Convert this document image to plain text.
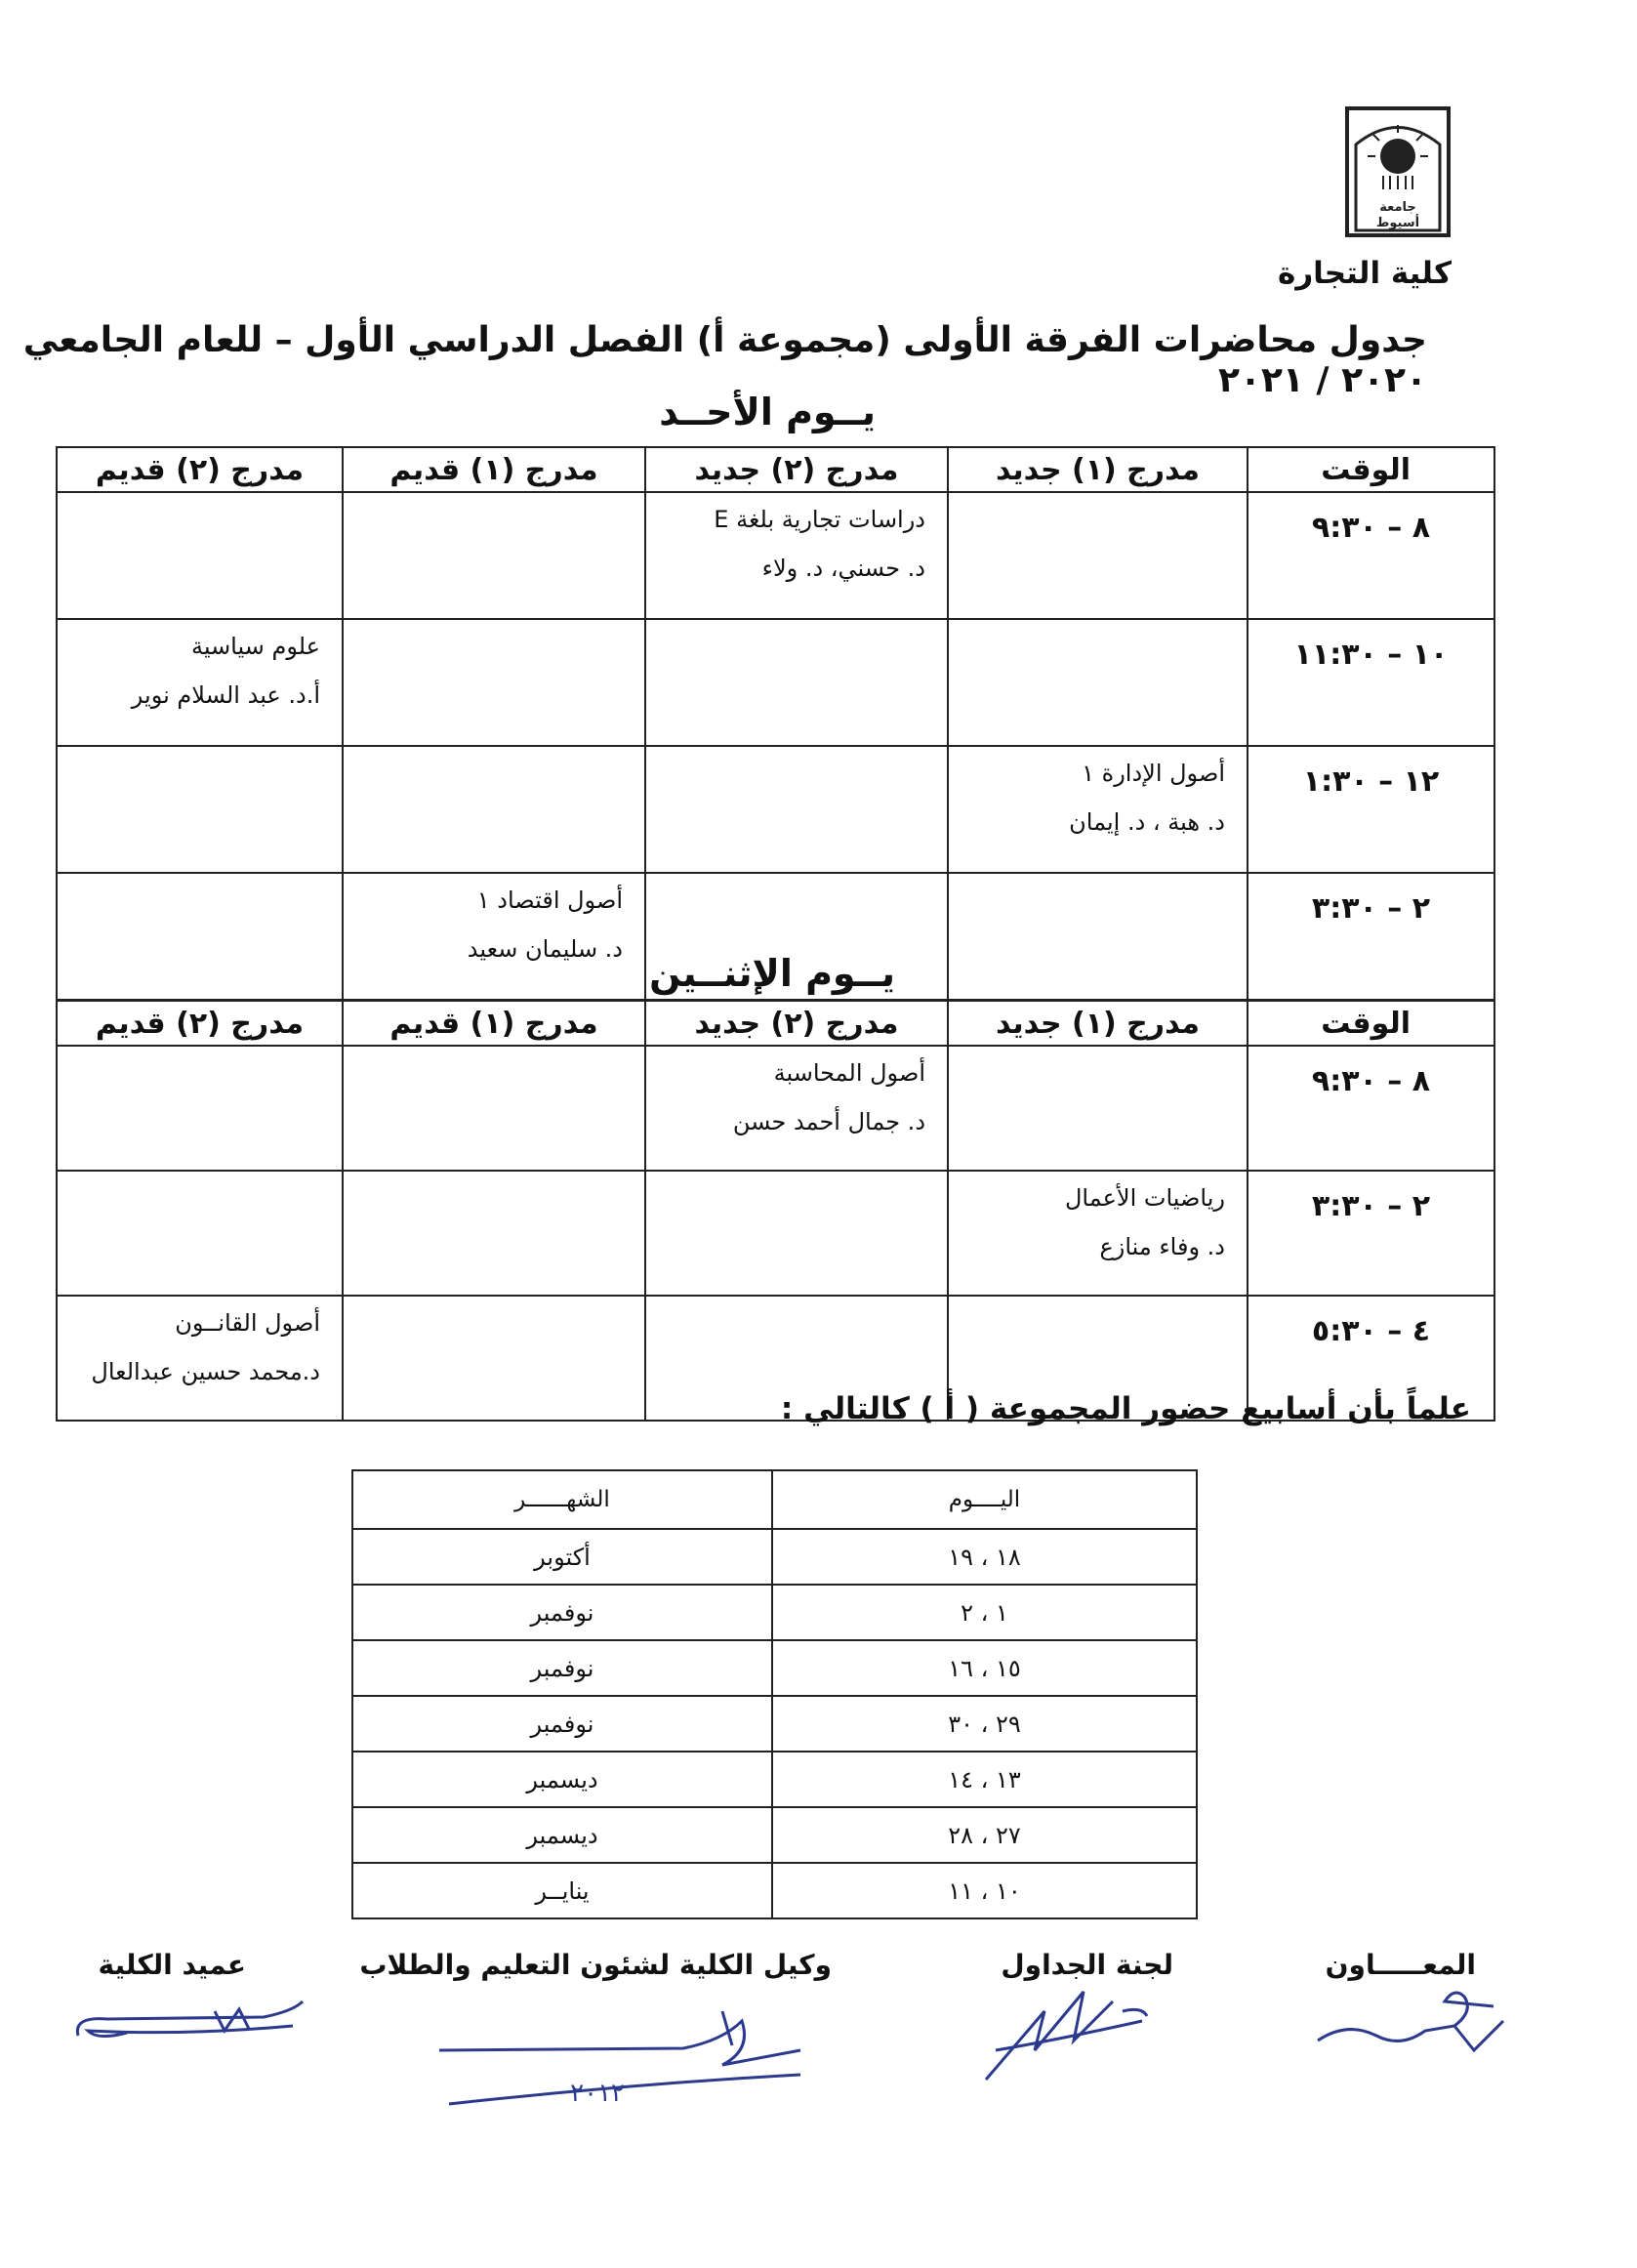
جامعة
أسيوط
كلية التجارة
جدول محاضرات الفرقة الأولى (مجموعة أ) الفصل الدراسي الأول – للعام الجامعي ٢٠٢٠ / ٢٠٢١
يــوم الأحــد
الوقت	مدرج (١) جديد	مدرج (٢) جديد	مدرج (١) قديم	مدرج (٢) قديم
٨ – ٩:٣٠		دراسات تجارية بلغة E
د. حسني، د. ولاء		

١٠ – ١١:٣٠				علوم سياسية
أ.د. عبد السلام نوير

١٢ – ١:٣٠	أصول الإدارة ١
د. هبة ، د. إيمان			

٢ – ٣:٣٠			أصول اقتصاد ١
د. سليمان سعيد	

يــوم الإثنــين
الوقت	مدرج (١) جديد	مدرج (٢) جديد	مدرج (١) قديم	مدرج (٢) قديم
٨ – ٩:٣٠		أصول المحاسبة
د. جمال أحمد حسن		

٢ – ٣:٣٠	رياضيات الأعمال
د. وفاء منازع			

٤ – ٥:٣٠				أصول القانــون
د.محمد حسين عبدالعال
علماً بأن أسابيع حضور المجموعة ( أ ) كالتالي :
اليــــوم	الشهــــــر
١٨ ، ١٩	أكتوبر
١ ، ٢	نوفمبر
١٥ ، ١٦	نوفمبر
٢٩ ، ٣٠	نوفمبر
١٣ ، ١٤	ديسمبر
٢٧ ، ٢٨	ديسمبر
١٠ ، ١١	ينايــر
المعـــــاون
لجنة الجداول
وكيل الكلية لشئون التعليم والطلاب
عميد الكلية
٢٠١٢
